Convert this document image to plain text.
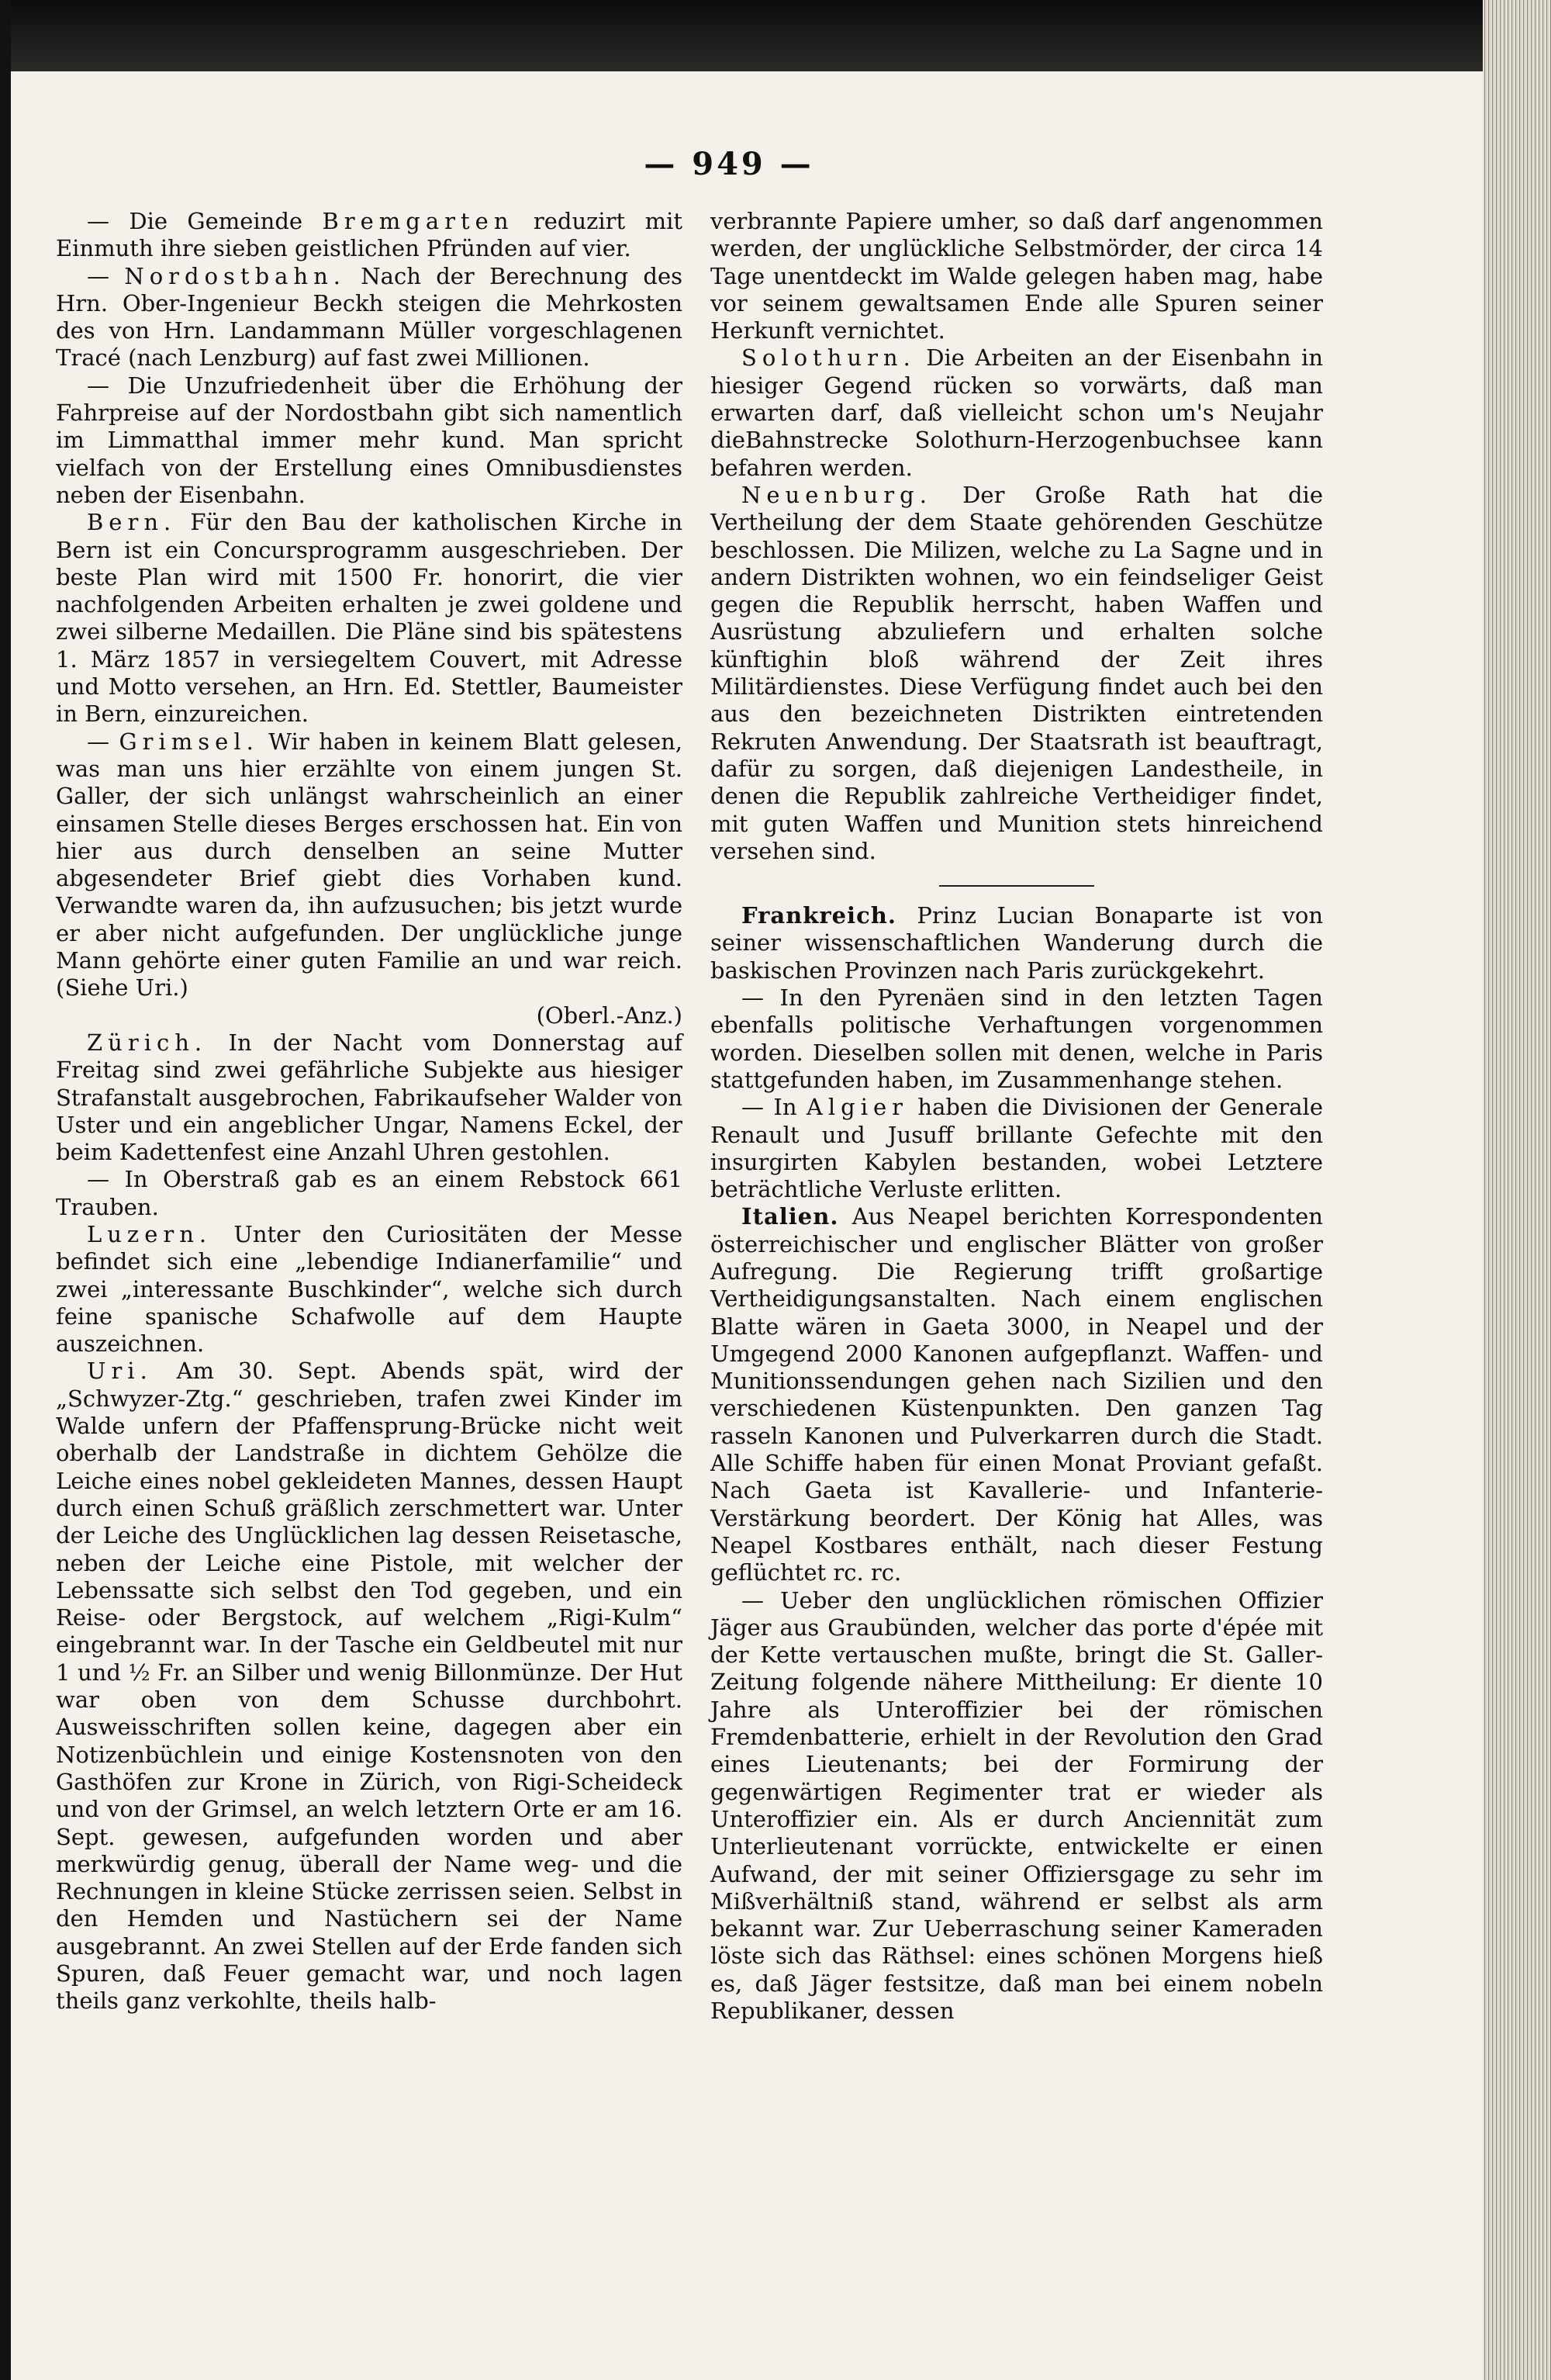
— 949 —

— Die Gemeinde Bremgarten reduzirt mit Einmuth ihre sieben geistlichen Pfründen auf vier.

— Nordostbahn. Nach der Berechnung des Hrn. Ober-Ingenieur Beckh steigen die Mehrkosten des von Hrn. Landammann Müller vorgeschlagenen Tracé (nach Lenzburg) auf fast zwei Millionen.

— Die Unzufriedenheit über die Erhöhung der Fahrpreise auf der Nordostbahn gibt sich namentlich im Limmatthal immer mehr kund. Man spricht vielfach von der Erstellung eines Omnibusdienstes neben der Eisenbahn.

Bern. Für den Bau der katholischen Kirche in Bern ist ein Concursprogramm ausgeschrieben. Der beste Plan wird mit 1500 Fr. honorirt, die vier nachfolgenden Arbeiten erhalten je zwei goldene und zwei silberne Medaillen. Die Pläne sind bis spätestens 1. März 1857 in versiegeltem Couvert, mit Adresse und Motto versehen, an Hrn. Ed. Stettler, Baumeister in Bern, einzureichen.

— Grimsel. Wir haben in keinem Blatt gelesen, was man uns hier erzählte von einem jungen St. Galler, der sich unlängst wahrscheinlich an einer einsamen Stelle dieses Berges erschossen hat. Ein von hier aus durch denselben an seine Mutter abgesendeter Brief giebt dies Vorhaben kund. Verwandte waren da, ihn aufzusuchen; bis jetzt wurde er aber nicht aufgefunden. Der unglückliche junge Mann gehörte einer guten Familie an und war reich. (Siehe Uri.)
(Oberl.-Anz.)

Zürich. In der Nacht vom Donnerstag auf Freitag sind zwei gefährliche Subjekte aus hiesiger Strafanstalt ausgebrochen, Fabrikaufseher Walder von Uster und ein angeblicher Ungar, Namens Eckel, der beim Kadettenfest eine Anzahl Uhren gestohlen.

— In Oberstraß gab es an einem Rebstock 661 Trauben.

Luzern. Unter den Curiositäten der Messe befindet sich eine „lebendige Indianerfamilie“ und zwei „interessante Buschkinder“, welche sich durch feine spanische Schafwolle auf dem Haupte auszeichnen.

Uri. Am 30. Sept. Abends spät, wird der „Schwyzer-Ztg.“ geschrieben, trafen zwei Kinder im Walde unfern der Pfaffensprung-Brücke nicht weit oberhalb der Landstraße in dichtem Gehölze die Leiche eines nobel gekleideten Mannes, dessen Haupt durch einen Schuß gräßlich zerschmettert war. Unter der Leiche des Unglücklichen lag dessen Reisetasche, neben der Leiche eine Pistole, mit welcher der Lebenssatte sich selbst den Tod gegeben, und ein Reise- oder Bergstock, auf welchem „Rigi-Kulm“ eingebrannt war. In der Tasche ein Geldbeutel mit nur 1 und ½ Fr. an Silber und wenig Billonmünze. Der Hut war oben von dem Schusse durchbohrt. Ausweisschriften sollen keine, dagegen aber ein Notizenbüchlein und einige Kostensnoten von den Gasthöfen zur Krone in Zürich, von Rigi-Scheideck und von der Grimsel, an welch letztern Orte er am 16. Sept. gewesen, aufgefunden worden und aber merkwürdig genug, überall der Name weg- und die Rechnungen in kleine Stücke zerrissen seien. Selbst in den Hemden und Nastüchern sei der Name ausgebrannt. An zwei Stellen auf der Erde fanden sich Spuren, daß Feuer gemacht war, und noch lagen theils ganz verkohlte, theils halb-

verbrannte Papiere umher, so daß darf angenommen werden, der unglückliche Selbstmörder, der circa 14 Tage unentdeckt im Walde gelegen haben mag, habe vor seinem gewaltsamen Ende alle Spuren seiner Herkunft vernichtet.

Solothurn. Die Arbeiten an der Eisenbahn in hiesiger Gegend rücken so vorwärts, daß man erwarten darf, daß vielleicht schon um's Neujahr dieBahnstrecke Solothurn-Herzogenbuchsee kann befahren werden.

Neuenburg. Der Große Rath hat die Vertheilung der dem Staate gehörenden Geschütze beschlossen. Die Milizen, welche zu La Sagne und in andern Distrikten wohnen, wo ein feindseliger Geist gegen die Republik herrscht, haben Waffen und Ausrüstung abzuliefern und erhalten solche künftighin bloß während der Zeit ihres Militärdienstes. Diese Verfügung findet auch bei den aus den bezeichneten Distrikten eintretenden Rekruten Anwendung. Der Staatsrath ist beauftragt, dafür zu sorgen, daß diejenigen Landestheile, in denen die Republik zahlreiche Vertheidiger findet, mit guten Waffen und Munition stets hinreichend versehen sind.

Frankreich. Prinz Lucian Bonaparte ist von seiner wissenschaftlichen Wanderung durch die baskischen Provinzen nach Paris zurückgekehrt.

— In den Pyrenäen sind in den letzten Tagen ebenfalls politische Verhaftungen vorgenommen worden. Dieselben sollen mit denen, welche in Paris stattgefunden haben, im Zusammenhange stehen.

— In Algier haben die Divisionen der Generale Renault und Jusuff brillante Gefechte mit den insurgirten Kabylen bestanden, wobei Letztere beträchtliche Verluste erlitten.

Italien. Aus Neapel berichten Korrespondenten österreichischer und englischer Blätter von großer Aufregung. Die Regierung trifft großartige Vertheidigungsanstalten. Nach einem englischen Blatte wären in Gaeta 3000, in Neapel und der Umgegend 2000 Kanonen aufgepflanzt. Waffen- und Munitionssendungen gehen nach Sizilien und den verschiedenen Küstenpunkten. Den ganzen Tag rasseln Kanonen und Pulverkarren durch die Stadt. Alle Schiffe haben für einen Monat Proviant gefaßt. Nach Gaeta ist Kavallerie- und Infanterie-Verstärkung beordert. Der König hat Alles, was Neapel Kostbares enthält, nach dieser Festung geflüchtet rc. rc.

— Ueber den unglücklichen römischen Offizier Jäger aus Graubünden, welcher das porte d'épée mit der Kette vertauschen mußte, bringt die St. Galler-Zeitung folgende nähere Mittheilung: Er diente 10 Jahre als Unteroffizier bei der römischen Fremdenbatterie, erhielt in der Revolution den Grad eines Lieutenants; bei der Formirung der gegenwärtigen Regimenter trat er wieder als Unteroffizier ein. Als er durch Anciennität zum Unterlieutenant vorrückte, entwickelte er einen Aufwand, der mit seiner Offiziersgage zu sehr im Mißverhältniß stand, während er selbst als arm bekannt war. Zur Ueberraschung seiner Kameraden löste sich das Räthsel: eines schönen Morgens hieß es, daß Jäger festsitze, daß man bei einem nobeln Republikaner, dessen
